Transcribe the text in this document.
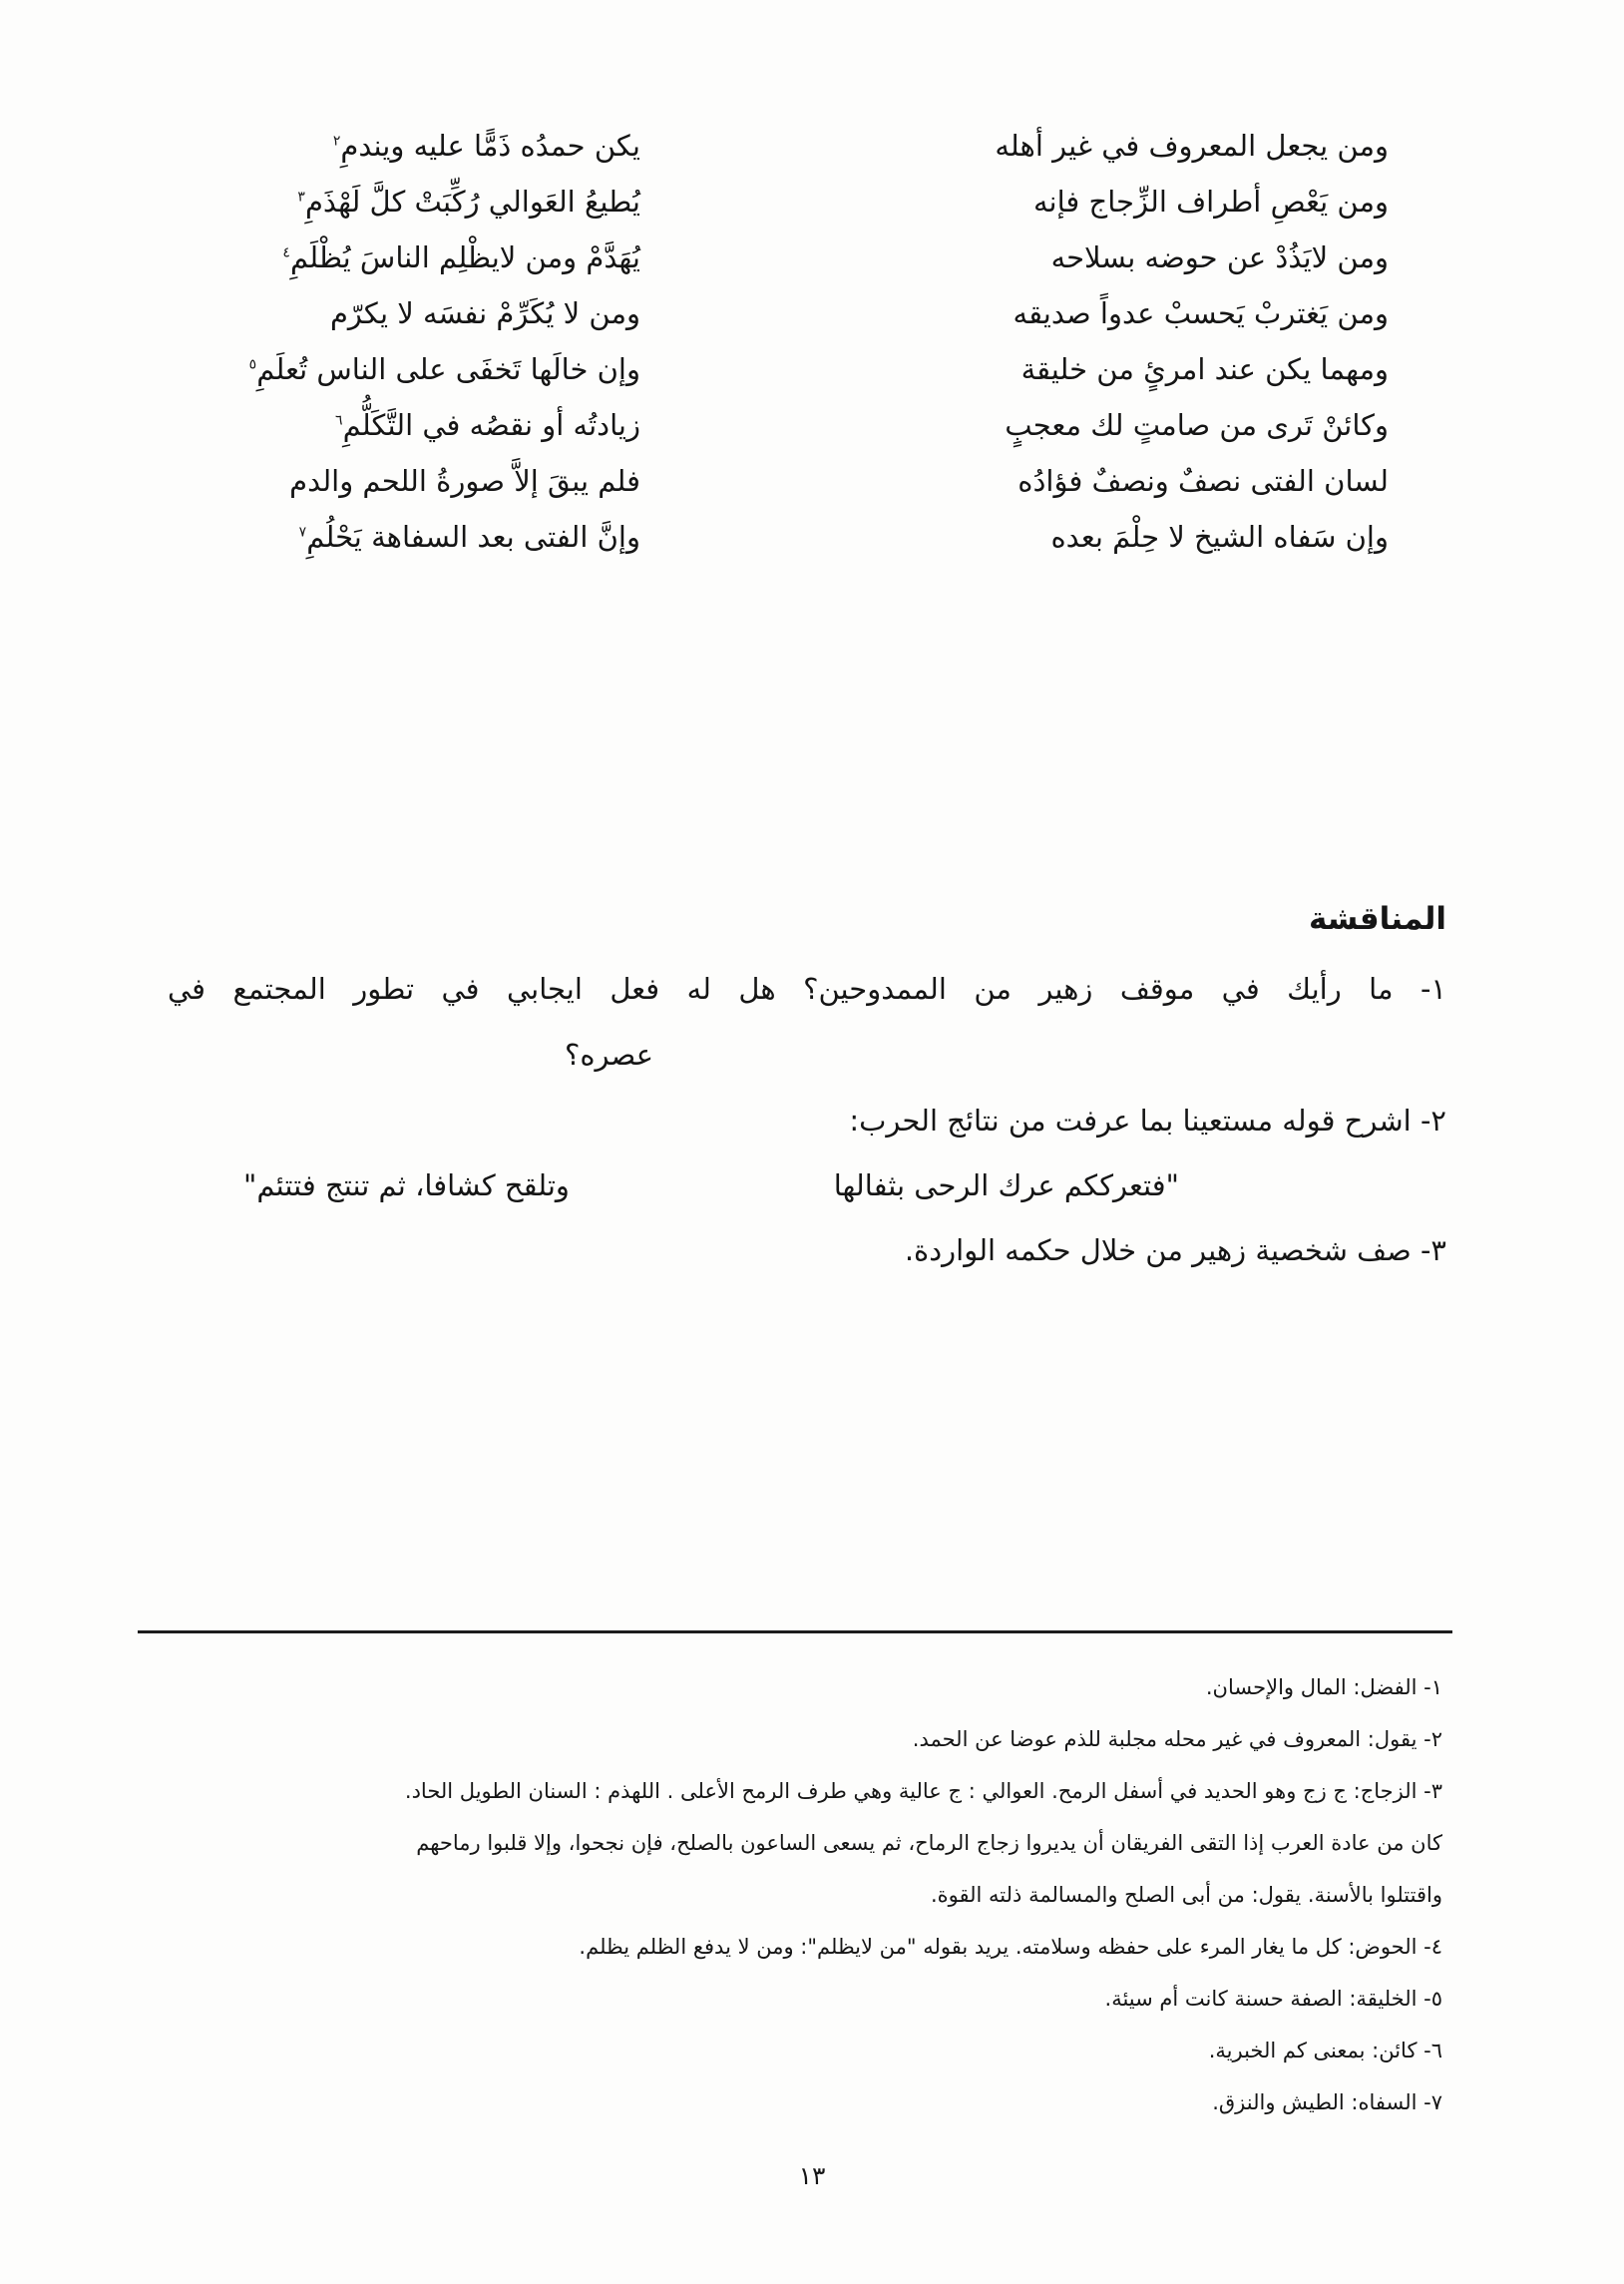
ومن يجعل المعروف في غير أهله
يكن حمدُه ذَمًّا عليه ويندمِ$^٢$
ومن يَعْصِ أطراف الزِّجاج فإنه
يُطيعُ العَوالي رُكِّبَتْ كلَّ لَهْذَمِ$^٣$
ومن لايَذُدْ عن حوضه بسلاحه
يُهَدَّمْ ومن لايظْلِم الناسَ يُظْلَمِ$^٤$
ومن يَغتربْ يَحسبْ عدواً صديقه
ومن لا يُكَرِّمْ نفسَه لا يكرّم
ومهما يكن عند امرئٍ من خليقة
وإن خالَها تَخفَى على الناس تُعلَمِ$^٥$
وكائنْ تَرى من صامتٍ لك معجبٍ
زيادتُه أو نقصُه في التَّكَلُّمِ$^٦$
لسان الفتى نصفٌ ونصفٌ فؤادُه
فلم يبقَ إلاَّ صورةُ اللحم والدم
وإن سَفاه الشيخ لا حِلْمَ بعده
وإنَّ الفتى بعد السفاهة يَحْلُمِ$^٧$
المناقشة
١- ما رأيك في موقف زهير من الممدوحين؟ هل له فعل ايجابي في تطور المجتمع في
عصره؟
٢- اشرح قوله مستعينا بما عرفت من نتائج الحرب:
"فتعرككم عرك الرحى بثفالها
وتلقح كشافا، ثم تنتج فتتئم"
٣- صف شخصية زهير من خلال حكمه الواردة.
١- الفضل: المال والإحسان.
٢- يقول: المعروف في غير محله مجلبة للذم عوضا عن الحمد.
٣- الزجاج: ج زج وهو الحديد في أسفل الرمح. العوالي : ج عالية وهي طرف الرمح الأعلى . اللهذم : السنان الطويل الحاد.
كان من عادة العرب إذا التقى الفريقان أن يديروا زجاج الرماح، ثم يسعى الساعون بالصلح، فإن نجحوا، وإلا قلبوا رماحهم
واقتتلوا بالأسنة. يقول: من أبى الصلح والمسالمة ذلته القوة.
٤- الحوض: كل ما يغار المرء على حفظه وسلامته. يريد بقوله "من لايظلم": ومن لا يدفع الظلم يظلم.
٥- الخليقة: الصفة حسنة كانت أم سيئة.
٦- كائن: بمعنى كم الخبرية.
٧- السفاه: الطيش والنزق.
١٣
